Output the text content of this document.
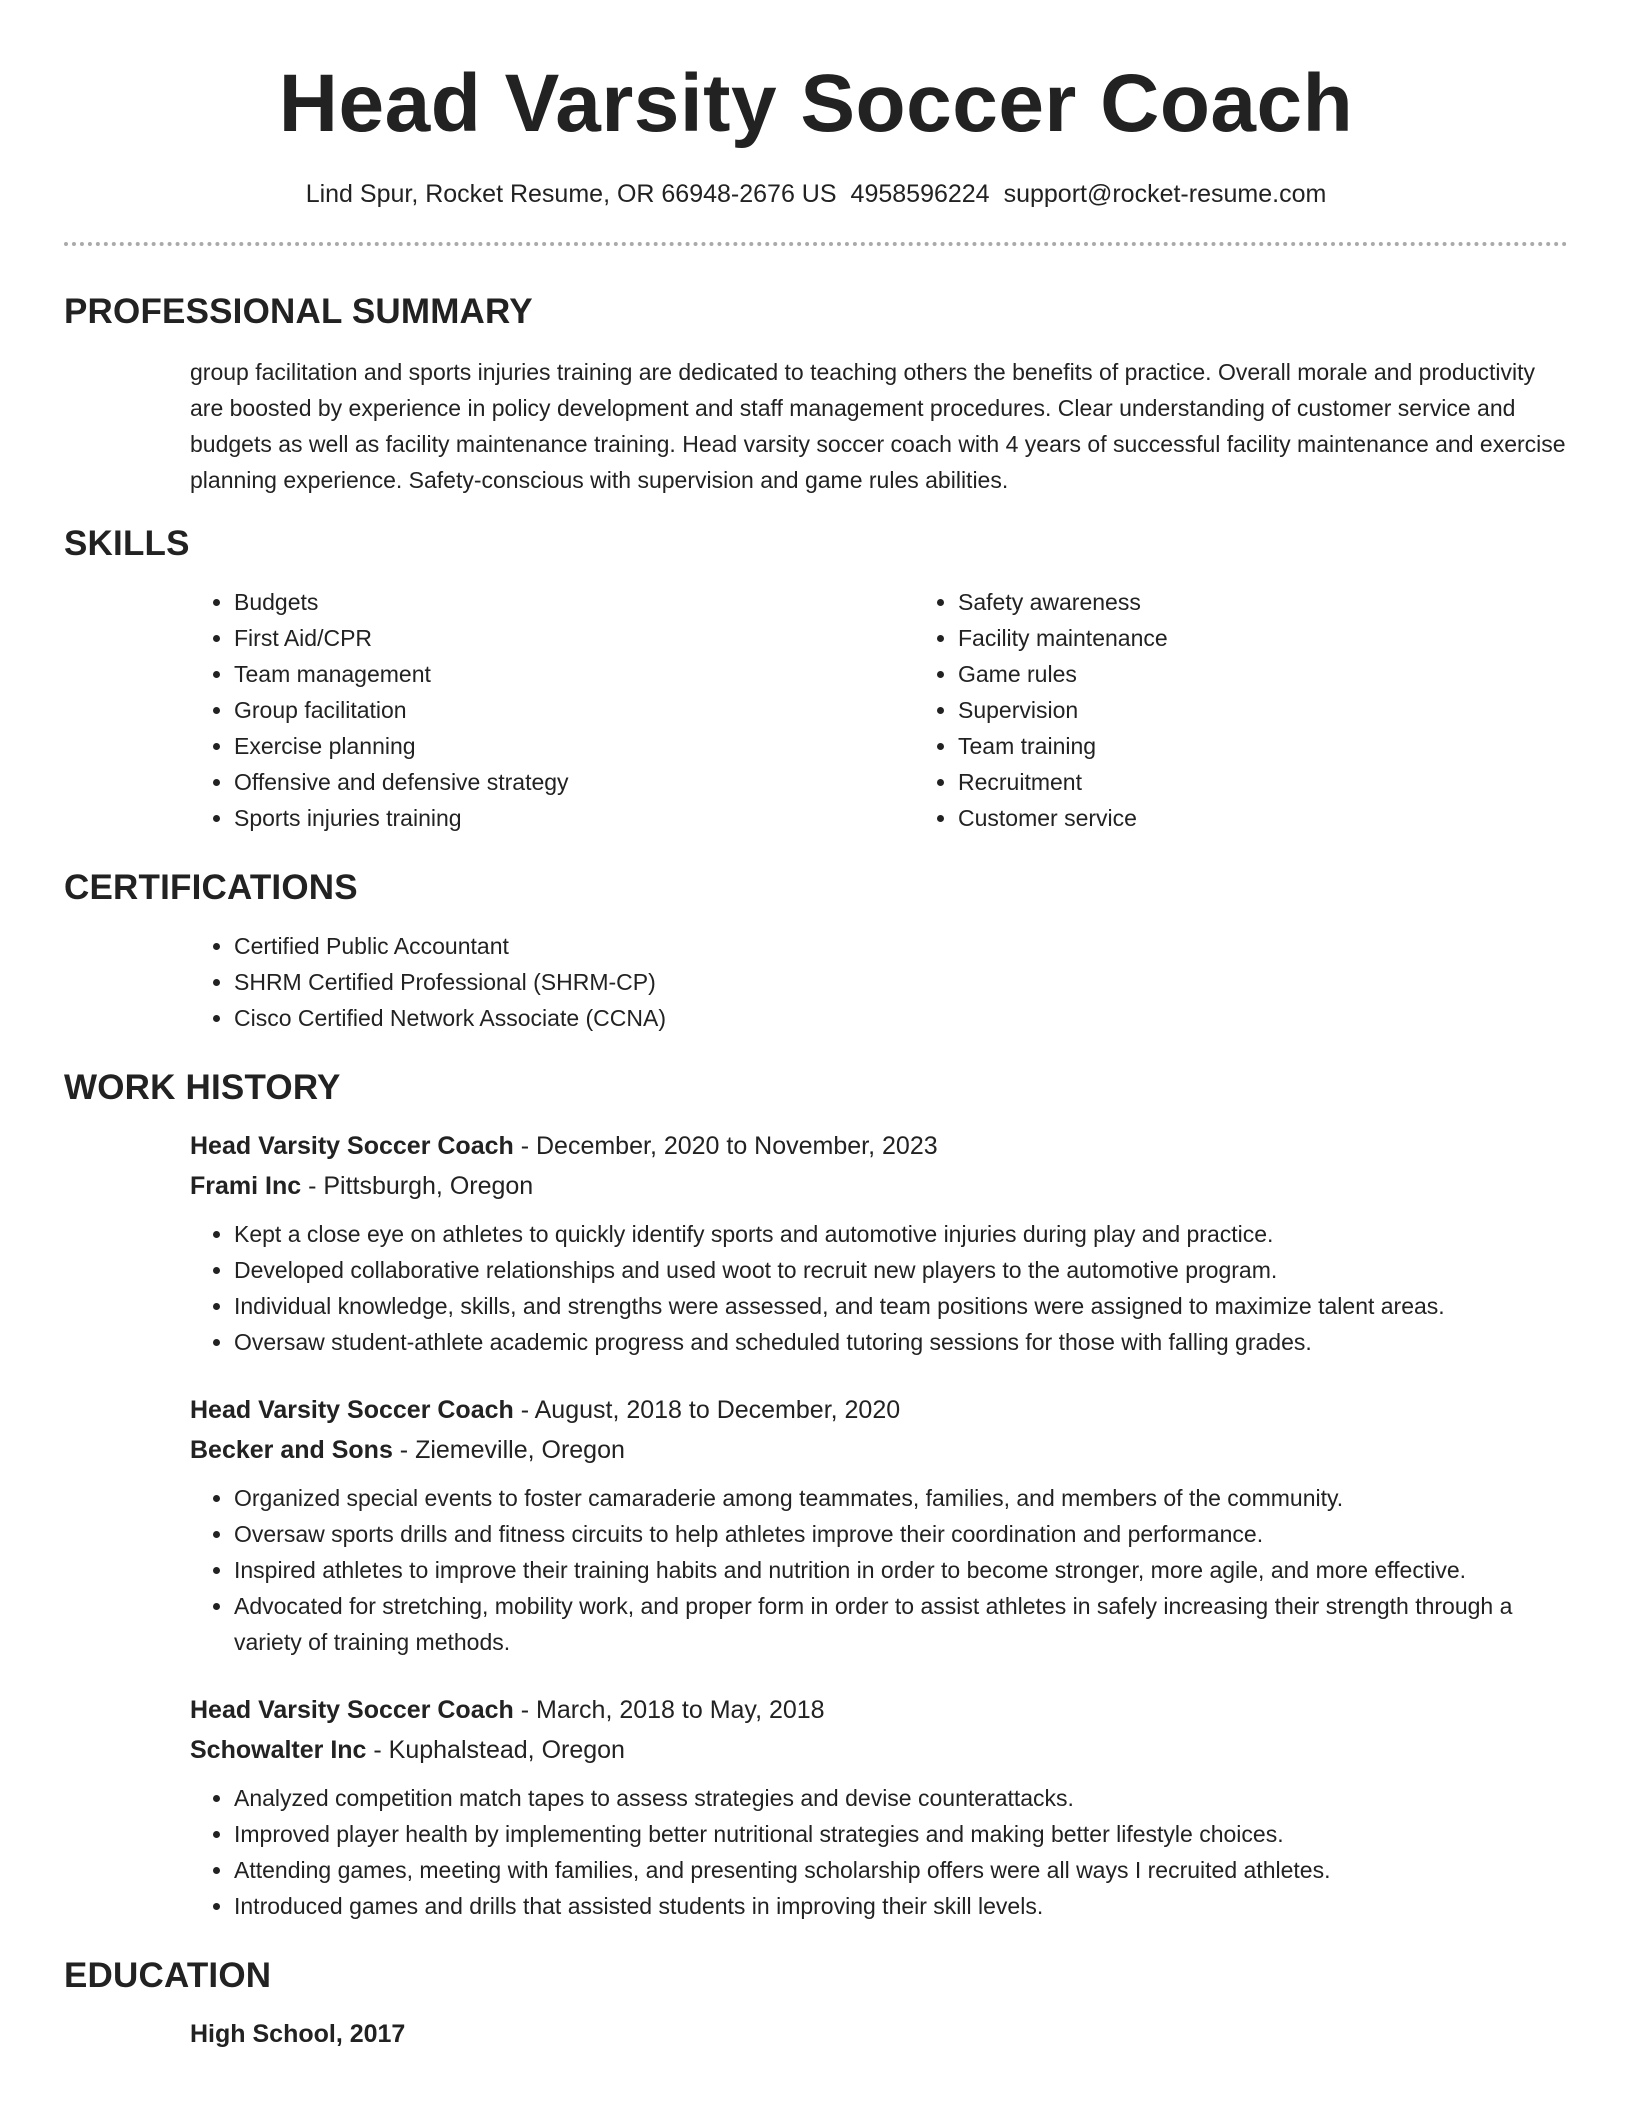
Head Varsity Soccer Coach
Lind Spur, Rocket Resume, OR 66948-2676 US 4958596224 support@rocket-resume.com
PROFESSIONAL SUMMARY
group facilitation and sports injuries training are dedicated to teaching others the benefits of practice. Overall morale and productivity are boosted by experience in policy development and staff management procedures. Clear understanding of customer service and budgets as well as facility maintenance training. Head varsity soccer coach with 4 years of successful facility maintenance and exercise planning experience. Safety-conscious with supervision and game rules abilities.
SKILLS
• Budgets
• First Aid/CPR
• Team management
• Group facilitation
• Exercise planning
• Offensive and defensive strategy
• Sports injuries training
• Safety awareness
• Facility maintenance
• Game rules
• Supervision
• Team training
• Recruitment
• Customer service
CERTIFICATIONS
• Certified Public Accountant
• SHRM Certified Professional (SHRM-CP)
• Cisco Certified Network Associate (CCNA)
WORK HISTORY
Head Varsity Soccer Coach - December, 2020 to November, 2023
Frami Inc - Pittsburgh, Oregon
• Kept a close eye on athletes to quickly identify sports and automotive injuries during play and practice.
• Developed collaborative relationships and used woot to recruit new players to the automotive program.
• Individual knowledge, skills, and strengths were assessed, and team positions were assigned to maximize talent areas.
• Oversaw student-athlete academic progress and scheduled tutoring sessions for those with falling grades.
Head Varsity Soccer Coach - August, 2018 to December, 2020
Becker and Sons - Ziemeville, Oregon
• Organized special events to foster camaraderie among teammates, families, and members of the community.
• Oversaw sports drills and fitness circuits to help athletes improve their coordination and performance.
• Inspired athletes to improve their training habits and nutrition in order to become stronger, more agile, and more effective.
• Advocated for stretching, mobility work, and proper form in order to assist athletes in safely increasing their strength through a variety of training methods.
Head Varsity Soccer Coach - March, 2018 to May, 2018
Schowalter Inc - Kuphalstead, Oregon
• Analyzed competition match tapes to assess strategies and devise counterattacks.
• Improved player health by implementing better nutritional strategies and making better lifestyle choices.
• Attending games, meeting with families, and presenting scholarship offers were all ways I recruited athletes.
• Introduced games and drills that assisted students in improving their skill levels.
EDUCATION
High School, 2017
